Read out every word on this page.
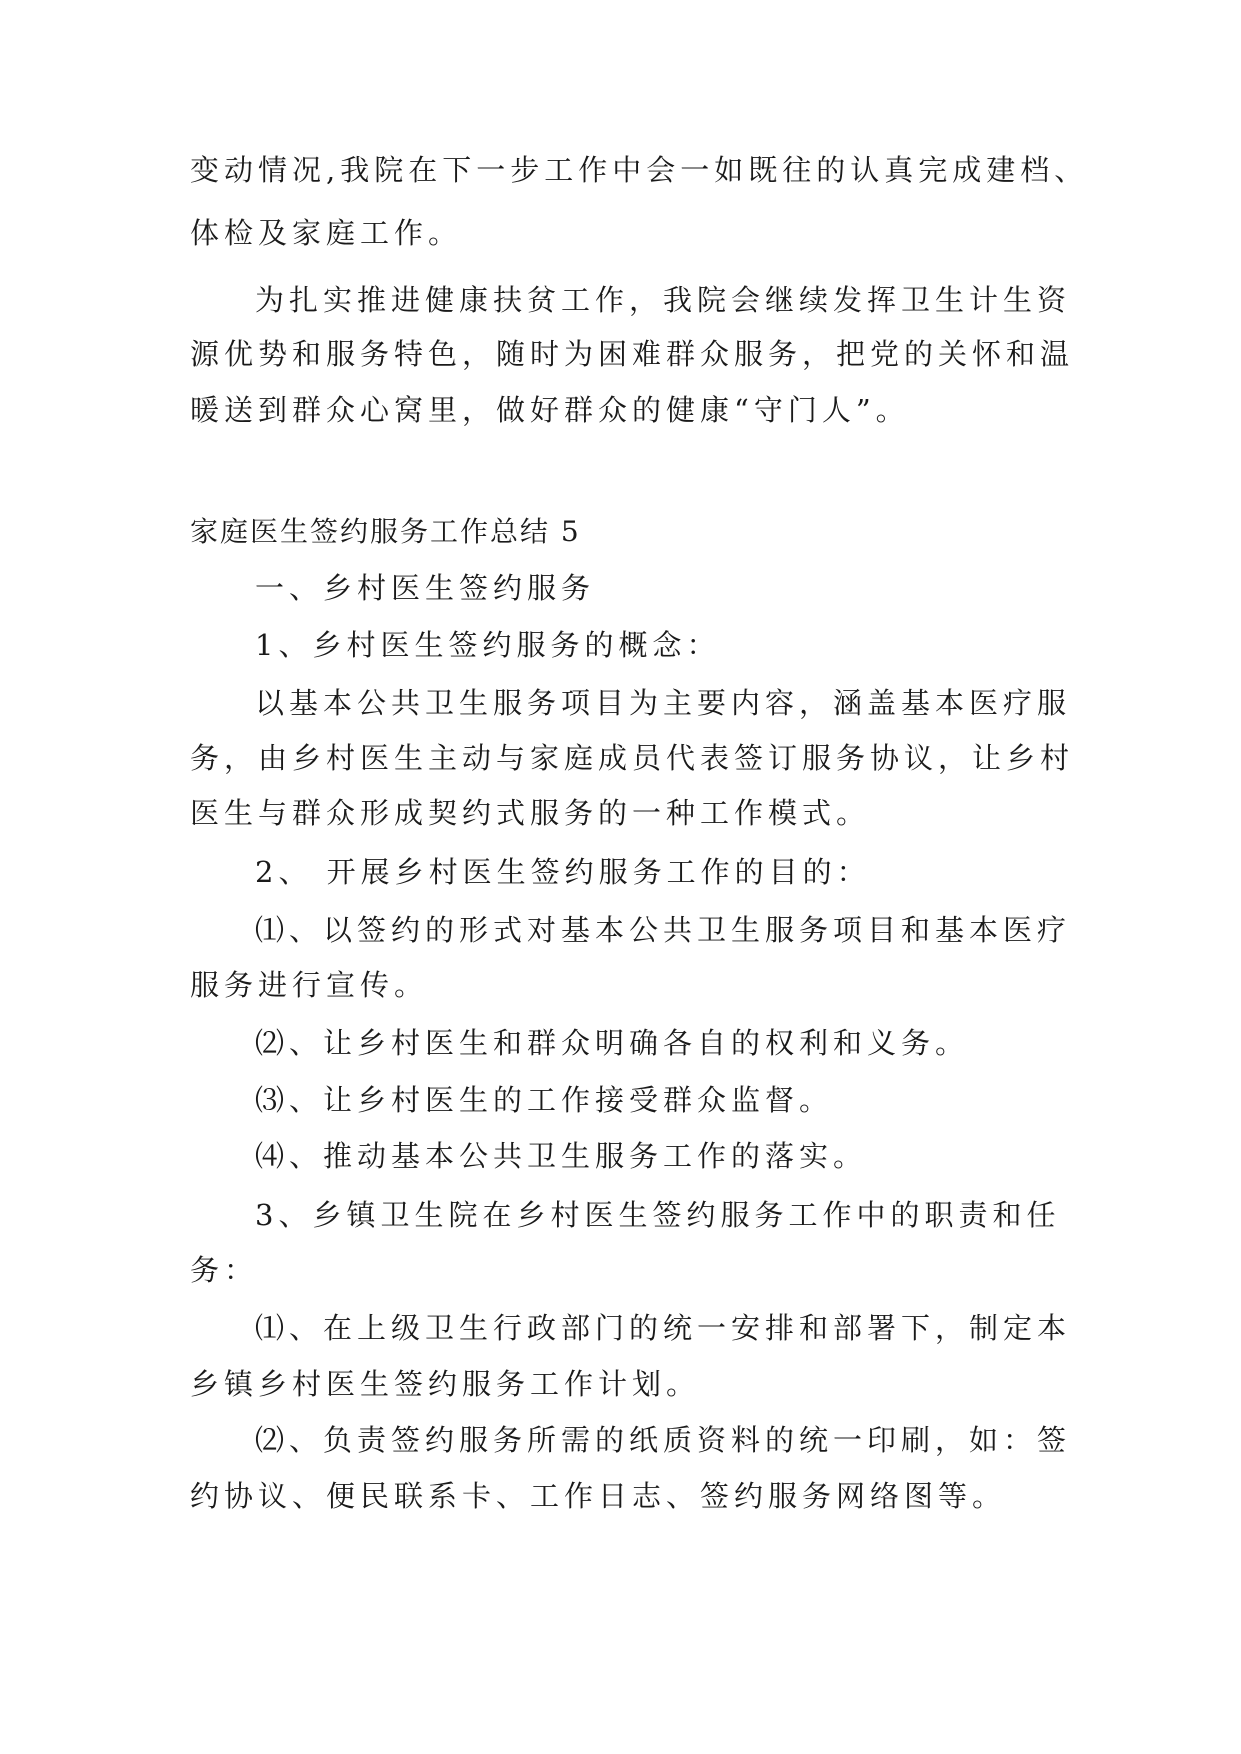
变动情况,我院在下一步工作中会一如既往的认真完成建档、
体检及家庭工作。
为扎实推进健康扶贫工作，我院会继续发挥卫生计生资
源优势和服务特色，随时为困难群众服务，把党的关怀和温
暖送到群众心窝里，做好群众的健康“守门人”。
家庭医生签约服务工作总结 5
一、乡村医生签约服务
1、乡村医生签约服务的概念：
以基本公共卫生服务项目为主要内容，涵盖基本医疗服
务，由乡村医生主动与家庭成员代表签订服务协议，让乡村
医生与群众形成契约式服务的一种工作模式。
2、 开展乡村医生签约服务工作的目的：
⑴、以签约的形式对基本公共卫生服务项目和基本医疗
服务进行宣传。
⑵、让乡村医生和群众明确各自的权利和义务。
⑶、让乡村医生的工作接受群众监督。
⑷、推动基本公共卫生服务工作的落实。
3、乡镇卫生院在乡村医生签约服务工作中的职责和任
务：
⑴、在上级卫生行政部门的统一安排和部署下，制定本
乡镇乡村医生签约服务工作计划。
⑵、负责签约服务所需的纸质资料的统一印刷，如：签
约协议、便民联系卡、工作日志、签约服务网络图等。
